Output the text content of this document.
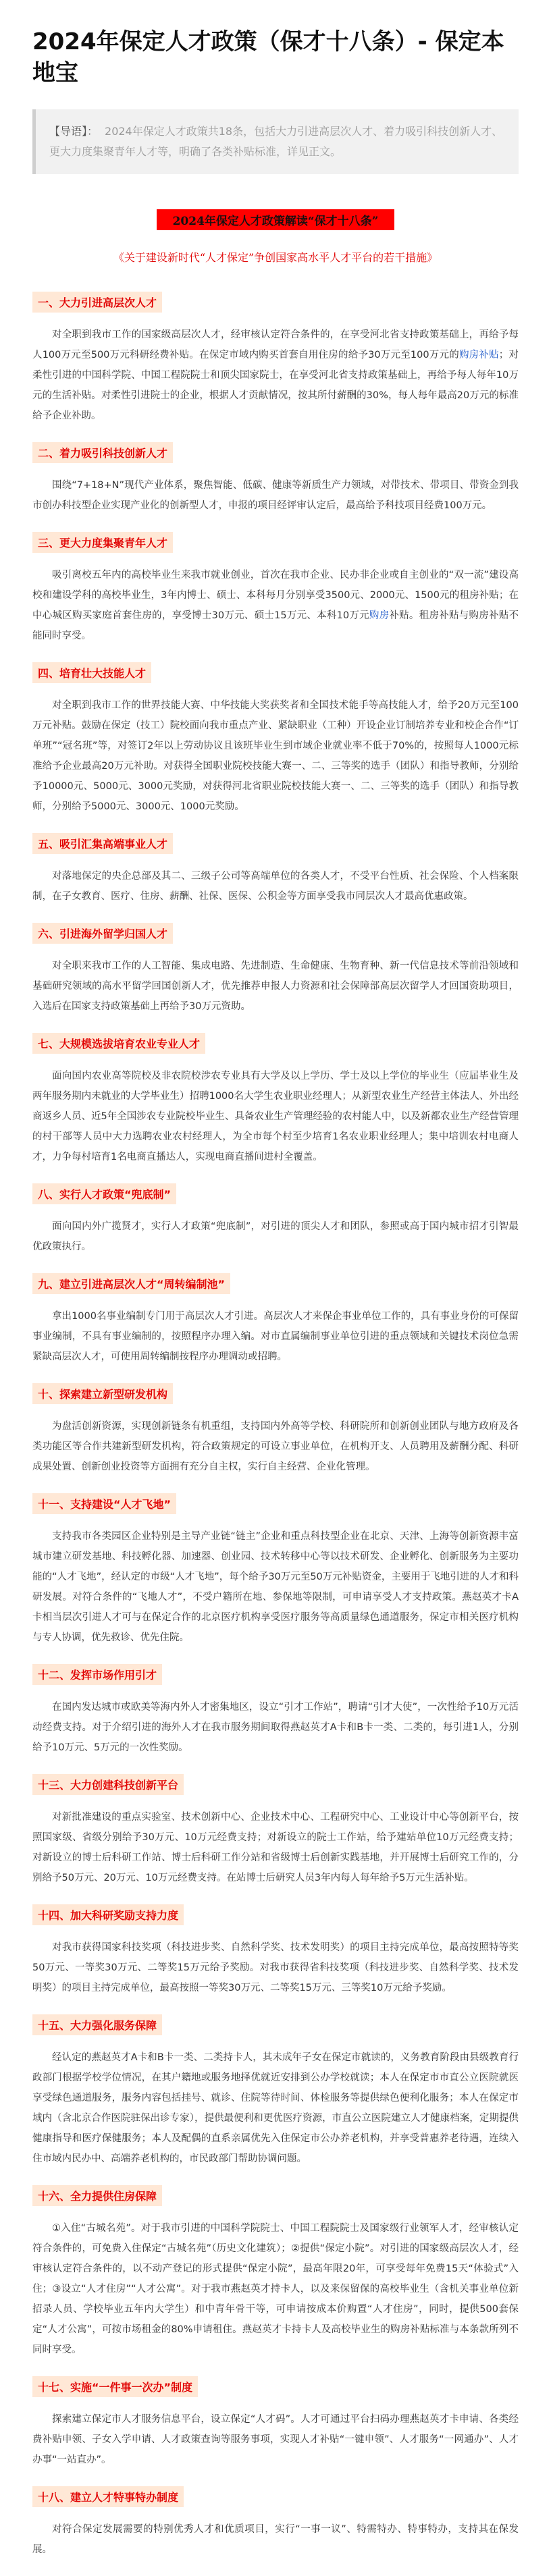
2024年保定人才政策（保才十八条）- 保定本地宝
【导语】： 2024年保定人才政策共18条，包括大力引进高层次人才、着力吸引科技创新人才、更大力度集聚青年人才等，明确了各类补贴标准，详见正文。
2024年保定人才政策解读“保才十八条”

《关于建设新时代“人才保定”争创国家高水平人才平台的若干措施》

一、大力引进高层次人才

对全职到我市工作的国家级高层次人才，经审核认定符合条件的，在享受河北省支持政策基础上，再给予每人100万元至500万元科研经费补贴。在保定市域内购买首套自用住房的给予30万元至100万元的购房补贴；对柔性引进的中国科学院、中国工程院院士和顶尖国家院士，在享受河北省支持政策基础上，再给予每人每年10万元的生活补贴。对柔性引进院士的企业，根据人才贡献情况，按其所付薪酬的30%，每人每年最高20万元的标准给予企业补助。

二、着力吸引科技创新人才

围绕“7+18+N”现代产业体系，聚焦智能、低碳、健康等新质生产力领域，对带技术、带项目、带资金到我市创办科技型企业实现产业化的创新型人才，申报的项目经评审认定后，最高给予科技项目经费100万元。

三、更大力度集聚青年人才

吸引离校五年内的高校毕业生来我市就业创业，首次在我市企业、民办非企业或自主创业的“双一流”建设高校和建设学科的高校毕业生，3年内博士、硕士、本科每月分别享受3500元、2000元、1500元的租房补贴；在中心城区购买家庭首套住房的，享受博士30万元、硕士15万元、本科10万元购房补贴。租房补贴与购房补贴不能同时享受。

四、培育壮大技能人才

对全职到我市工作的世界技能大赛、中华技能大奖获奖者和全国技术能手等高技能人才，给予20万元至100万元补贴。鼓励在保定（技工）院校面向我市重点产业、紧缺职业（工种）开设企业订制培养专业和校企合作“订单班”“冠名班”等，对签订2年以上劳动协议且该班毕业生到市域企业就业率不低于70%的，按照每人1000元标准给予企业最高20万元补助。对获得全国职业院校技能大赛一、二、三等奖的选手（团队）和指导教师，分别给予10000元、5000元、3000元奖励，对获得河北省职业院校技能大赛一、二、三等奖的选手（团队）和指导教师，分别给予5000元、3000元、1000元奖励。

五、吸引汇集高端事业人才

对落地保定的央企总部及其二、三级子公司等高端单位的各类人才，不受平台性质、社会保险、个人档案限制，在子女教育、医疗、住房、薪酬、社保、医保、公积金等方面享受我市同层次人才最高优惠政策。

六、引进海外留学归国人才

对全职来我市工作的人工智能、集成电路、先进制造、生命健康、生物育种、新一代信息技术等前沿领域和基础研究领域的高水平留学回国创新人才，优先推荐申报人力资源和社会保障部高层次留学人才回国资助项目，入选后在国家支持政策基础上再给予30万元资助。

七、大规模选拔培育农业专业人才

面向国内农业高等院校及非农院校涉农专业具有大学及以上学历、学士及以上学位的毕业生（应届毕业生及两年服务期内未就业的大学毕业生）招聘1000名大学生农业职业经理人；从新型农业生产经营主体法人、外出经商返乡人员、近5年全国涉农专业院校毕业生、具备农业生产管理经验的农村能人中，以及新都农业生产经营管理的村干部等人员中大力选聘农业农村经理人，为全市每个村至少培育1名农业职业经理人；集中培训农村电商人才，力争每村培育1名电商直播达人，实现电商直播间进村全覆盖。

八、实行人才政策“兜底制”

面向国内外广揽贤才，实行人才政策“兜底制”，对引进的顶尖人才和团队，参照或高于国内城市招才引智最优政策执行。

九、建立引进高层次人才“周转编制池”

拿出1000名事业编制专门用于高层次人才引进。高层次人才来保企事业单位工作的，具有事业身份的可保留事业编制，不具有事业编制的，按照程序办理入编。对市直属编制事业单位引进的重点领域和关键技术岗位急需紧缺高层次人才，可使用周转编制按程序办理调动或招聘。

十、探索建立新型研发机构

为盘活创新资源，实现创新链条有机重组，支持国内外高等学校、科研院所和创新创业团队与地方政府及各类功能区等合作共建新型研发机构，符合政策规定的可设立事业单位，在机构开支、人员聘用及薪酬分配、科研成果处置、创新创业投资等方面拥有充分自主权，实行自主经营、企业化管理。

十一、支持建设“人才飞地”

支持我市各类园区企业特别是主导产业链“链主”企业和重点科技型企业在北京、天津、上海等创新资源丰富城市建立研发基地、科技孵化器、加速器、创业园、技术转移中心等以技术研发、企业孵化、创新服务为主要功能的“人才飞地”，经认定的市级“人才飞地”，每个给予30万元至50万元补贴资金，主要用于飞地引进的人才和科研发展。对符合条件的“飞地人才”，不受户籍所在地、参保地等限制，可申请享受人才支持政策。燕赵英才卡A卡相当层次引进人才可与在保定合作的北京医疗机构享受医疗服务等高质量绿色通道服务，保定市相关医疗机构与专人协调，优先救诊、优先住院。

十二、发挥市场作用引才

在国内发达城市或欧美等海内外人才密集地区，设立“引才工作站”，聘请“引才大使”，一次性给予10万元活动经费支持。对于介绍引进的海外人才在我市服务期间取得燕赵英才A卡和B卡一类、二类的，每引进1人，分别给予10万元、5万元的一次性奖励。

十三、大力创建科技创新平台

对新批准建设的重点实验室、技术创新中心、企业技术中心、工程研究中心、工业设计中心等创新平台，按照国家级、省级分别给予30万元、10万元经费支持；对新设立的院士工作站，给予建站单位10万元经费支持；对新设立的博士后科研工作站、博士后科研工作分站和省级博士后创新实践基地，并开展博士后研究工作的，分别给予50万元、20万元、10万元经费支持。在站博士后研究人员3年内每人每年给予5万元生活补贴。

十四、加大科研奖励支持力度

对我市获得国家科技奖项（科技进步奖、自然科学奖、技术发明奖）的项目主持完成单位，最高按照特等奖50万元、一等奖30万元、二等奖15万元给予奖励。对我市获得省科技奖项（科技进步奖、自然科学奖、技术发明奖）的项目主持完成单位，最高按照一等奖30万元、二等奖15万元、三等奖10万元给予奖励。

十五、大力强化服务保障

经认定的燕赵英才A卡和B卡一类、二类持卡人，其未成年子女在保定市就读的，义务教育阶段由县级教育行政部门根据学校学位情况，在其户籍地或服务地择优就近安排到公办学校就读；本人在保定市市直公立医院就医享受绿色通道服务，服务内容包括挂号、就诊、住院等待时间、体检服务等提供绿色便利化服务；本人在保定市域内（含北京合作医院驻保出诊专家），提供最便利和更优医疗资源，市直公立医院建立人才健康档案，定期提供健康指导和医疗保健服务；本人及配偶的直系亲属优先入住保定市公办养老机构，并享受普惠养老待遇，连续入住市域内民办中、高端养老机构的，市民政部门帮助协调问题。

十六、全力提供住房保障

①入住“古城名苑”。对于我市引进的中国科学院院士、中国工程院院士及国家级行业领军人才，经审核认定符合条件的，可免费入住保定“古城名苑”（历史文化建筑）；②提供“保定小院”。对引进的国家级高层次人才，经审核认定符合条件的，以不动产登记的形式提供“保定小院”，最高年限20年，可享受每年免费15天“体验式”入住；③设立“人才住房”“人才公寓”。对于我市燕赵英才持卡人，以及来保留保的高校毕业生（含机关事业单位新招录人员、学校毕业五年内大学生）和中青年骨干等，可申请按成本价购置“人才住房”，同时，提供500套保定“人才公寓”，可按市场租金的80%申请租住。燕赵英才卡持卡人及高校毕业生的购房补贴标准与本条款所列不同时享受。

十七、实施“一件事一次办”制度

探索建立保定市人才服务信息平台，设立保定“人才码”。人才可通过平台扫码办理燕赵英才卡申请、各类经费补贴申领、子女入学申请、人才政策查询等服务事项，实现人才补贴“一键申领”、人才服务“一网通办”、人才办事“一站直办”。

十八、建立人才特事特办制度

对符合保定发展需要的特别优秀人才和优质项目，实行“一事一议”、特需特办、特事特办，支持其在保发展。
